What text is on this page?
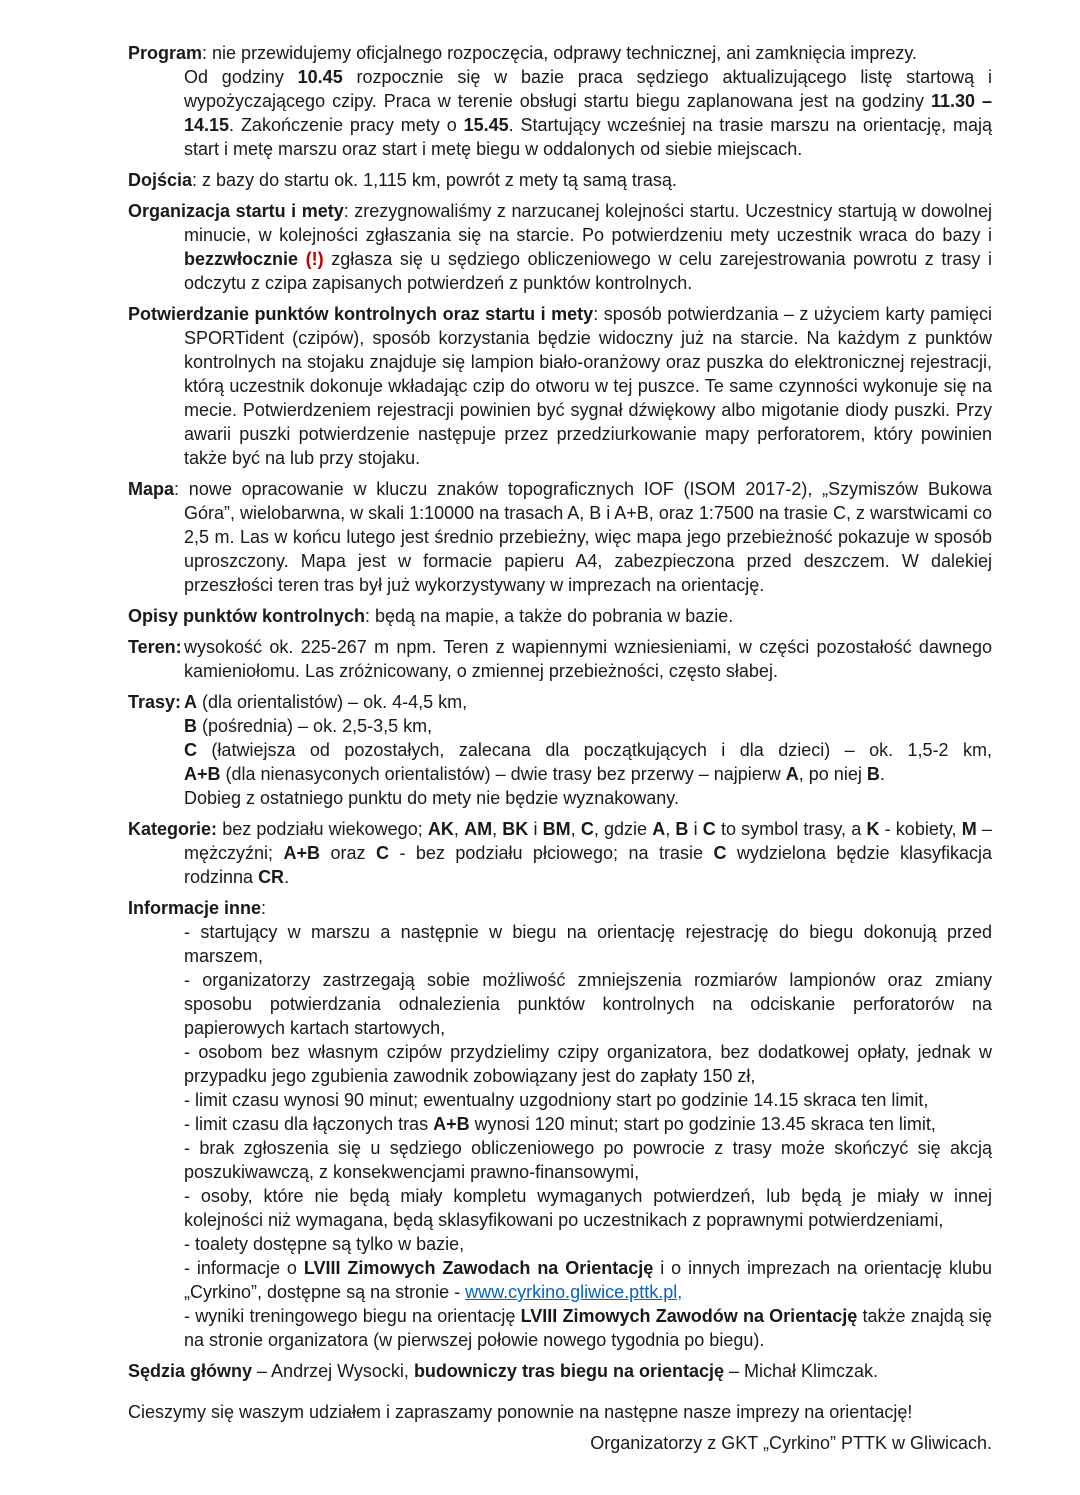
Program: nie przewidujemy oficjalnego rozpoczęcia, odprawy technicznej, ani zamknięcia imprezy.

Od godziny 10.45 rozpocznie się w bazie praca sędziego aktualizującego listę startową i wypożyczającego czipy. Praca w terenie obsługi startu biegu zaplanowana jest na godziny 11.30 – 14.15. Zakończenie pracy mety o 15.45. Startujący wcześniej na trasie marszu na orientację, mają start i metę marszu oraz start i metę biegu w oddalonych od siebie miejscach.

Dojścia: z bazy do startu ok. 1,115 km, powrót z mety tą samą trasą.

Organizacja startu i mety: zrezygnowaliśmy z narzucanej kolejności startu. Uczestnicy startują w dowolnej minucie, w kolejności zgłaszania się na starcie. Po potwierdzeniu mety uczestnik wraca do bazy i bezzwłocznie (!) zgłasza się u sędziego obliczeniowego w celu zarejestrowania powrotu z trasy i odczytu z czipa zapisanych potwierdzeń z punktów kontrolnych.

Potwierdzanie punktów kontrolnych oraz startu i mety: sposób potwierdzania – z użyciem karty pamięci SPORTident (czipów), sposób korzystania będzie widoczny już na starcie. Na każdym z punktów kontrolnych na stojaku znajduje się lampion biało-oranżowy oraz puszka do elektronicznej rejestracji, którą uczestnik dokonuje wkładając czip do otworu w tej puszce. Te same czynności wykonuje się na mecie. Potwierdzeniem rejestracji powinien być sygnał dźwiękowy albo migotanie diody puszki. Przy awarii puszki potwierdzenie następuje przez przedziurkowanie mapy perforatorem, który powinien także być na lub przy stojaku.

Mapa: nowe opracowanie w kluczu znaków topograficznych IOF (ISOM 2017-2), „Szymiszów Bukowa Góra”, wielobarwna, w skali 1:10000 na trasach A, B i A+B, oraz 1:7500 na trasie C, z warstwicami co 2,5 m. Las w końcu lutego jest średnio przebieżny, więc mapa jego przebieżność pokazuje w sposób uproszczony. Mapa jest w formacie papieru A4, zabezpieczona przed deszczem. W dalekiej przeszłości teren tras był już wykorzystywany w imprezach na orientację.

Opisy punktów kontrolnych: będą na mapie, a także do pobrania w bazie.

Teren: wysokość ok. 225-267 m npm. Teren z wapiennymi wzniesieniami, w części pozostałość dawnego kamieniołomu. Las zróżnicowany, o zmiennej przebieżności, często słabej.

Trasy: A (dla orientalistów) – ok. 4-4,5 km,

B (pośrednia) – ok. 2,5-3,5 km,

C (łatwiejsza od pozostałych, zalecana dla początkujących i dla dzieci) – ok. 1,5-2 km,

A+B (dla nienasyconych orientalistów) – dwie trasy bez przerwy – najpierw A, po niej B.

Dobieg z ostatniego punktu do mety nie będzie wyznakowany.

Kategorie: bez podziału wiekowego; AK, AM, BK i BM, C, gdzie A, B i C to symbol trasy, a K - kobiety, M – mężczyźni; A+B oraz C - bez podziału płciowego; na trasie C wydzielona będzie klasyfikacja rodzinna CR.

Informacje inne:

- startujący w marszu a następnie w biegu na orientację rejestrację do biegu dokonują przed marszem,

- organizatorzy zastrzegają sobie możliwość zmniejszenia rozmiarów lampionów oraz zmiany sposobu potwierdzania odnalezienia punktów kontrolnych na odciskanie perforatorów na papierowych kartach startowych,

- osobom bez własnym czipów przydzielimy czipy organizatora, bez dodatkowej opłaty, jednak w przypadku jego zgubienia zawodnik zobowiązany jest do zapłaty 150 zł,

- limit czasu wynosi 90 minut; ewentualny uzgodniony start po godzinie 14.15 skraca ten limit,

- limit czasu dla łączonych tras A+B wynosi 120 minut; start po godzinie 13.45 skraca ten limit,

- brak zgłoszenia się u sędziego obliczeniowego po powrocie z trasy może skończyć się akcją poszukiwawczą, z konsekwencjami prawno-finansowymi,

- osoby, które nie będą miały kompletu wymaganych potwierdzeń, lub będą je miały w innej kolejności niż wymagana, będą sklasyfikowani po uczestnikach z poprawnymi potwierdzeniami,

- toalety dostępne są tylko w bazie,

- informacje o LVIII Zimowych Zawodach na Orientację i o innych imprezach na orientację klubu „Cyrkino”, dostępne są na stronie - www.cyrkino.gliwice.pttk.pl,

- wyniki treningowego biegu na orientację LVIII Zimowych Zawodów na Orientację także znajdą się na stronie organizatora (w pierwszej połowie nowego tygodnia po biegu).

Sędzia główny – Andrzej Wysocki, budowniczy tras biegu na orientację – Michał Klimczak.

Cieszymy się waszym udziałem i zapraszamy ponownie na następne nasze imprezy na orientację!

Organizatorzy z GKT „Cyrkino” PTTK w Gliwicach.
